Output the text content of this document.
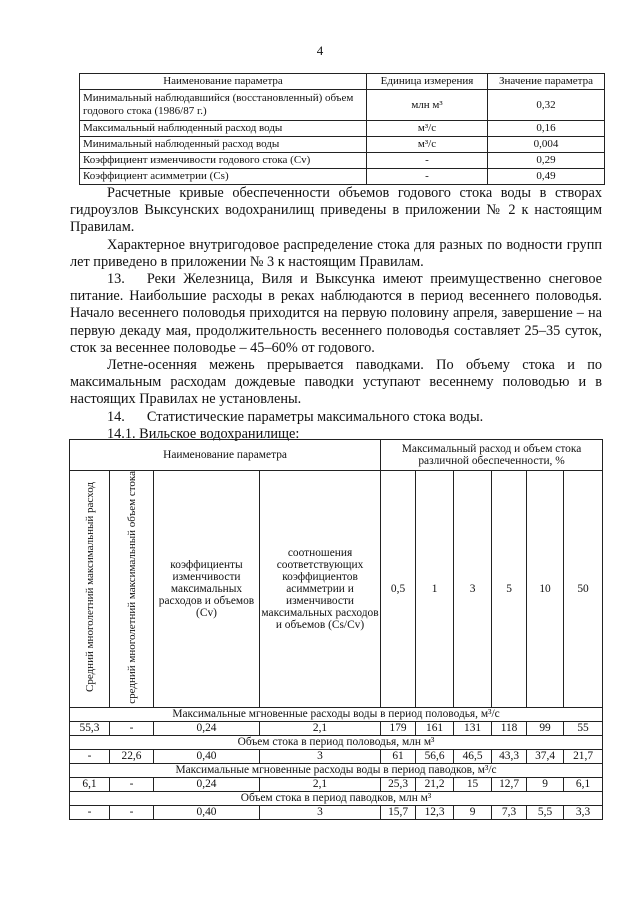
4
Наименование параметра	Единица измерения	Значение параметра
Минимальный наблюдавшийся (восстановленный) объем годового стока (1986/87 г.)	млн м³	0,32
Максимальный наблюденный расход воды	м³/с	0,16
Минимальный наблюденный расход воды	м³/с	0,004
Коэффициент изменчивости годового стока (Cv)	-	0,29
Коэффициент асимметрии (Cs)	-	0,49
Расчетные кривые обеспеченности объемов годового стока воды в створах гидроузлов Выксунских водохранилищ приведены в приложении № 2 к настоящим Правилам.
Характерное внутригодовое распределение стока для разных по водности групп лет приведено в приложении № 3 к настоящим Правилам.
13. Реки Железница, Виля и Выксунка имеют преимущественно снеговое питание. Наибольшие расходы в реках наблюдаются в период весеннего половодья. Начало весеннего половодья приходится на первую половину апреля, завершение – на первую декаду мая, продолжительность весеннего половодья составляет 25–35 суток, сток за весеннее половодье – 45–60% от годового.
Летне-осенняя межень прерывается паводками. По объему стока и по максимальным расходам дождевые паводки уступают весеннему половодью и в настоящих Правилах не установлены.
14. Статистические параметры максимального стока воды.
14.1. Вильское водохранилище:
Наименование параметра				Максимальный расход и объем стока различной обеспеченности, %					
Средний многолетний максимальный расход	средний многолетний максимальный объем стока	коэффициенты изменчивости максимальных расходов и объемов (Cv)	соотношения соответствующих коэффициентов асимметрии и изменчивости максимальных расходов и объемов (Cs/Cv)	0,5	1	3	5	10	50
Максимальные мгновенные расходы воды в период половодья, м³/с									
55,3	-	0,24	2,1	179	161	131	118	99	55
Объем стока в период половодья, млн м³									
-	22,6	0,40	3	61	56,6	46,5	43,3	37,4	21,7
Максимальные мгновенные расходы воды в период паводков, м³/с									
6,1	-	0,24	2,1	25,3	21,2	15	12,7	9	6,1
Объем стока в период паводков, млн м³									
-	-	0,40	3	15,7	12,3	9	7,3	5,5	3,3
